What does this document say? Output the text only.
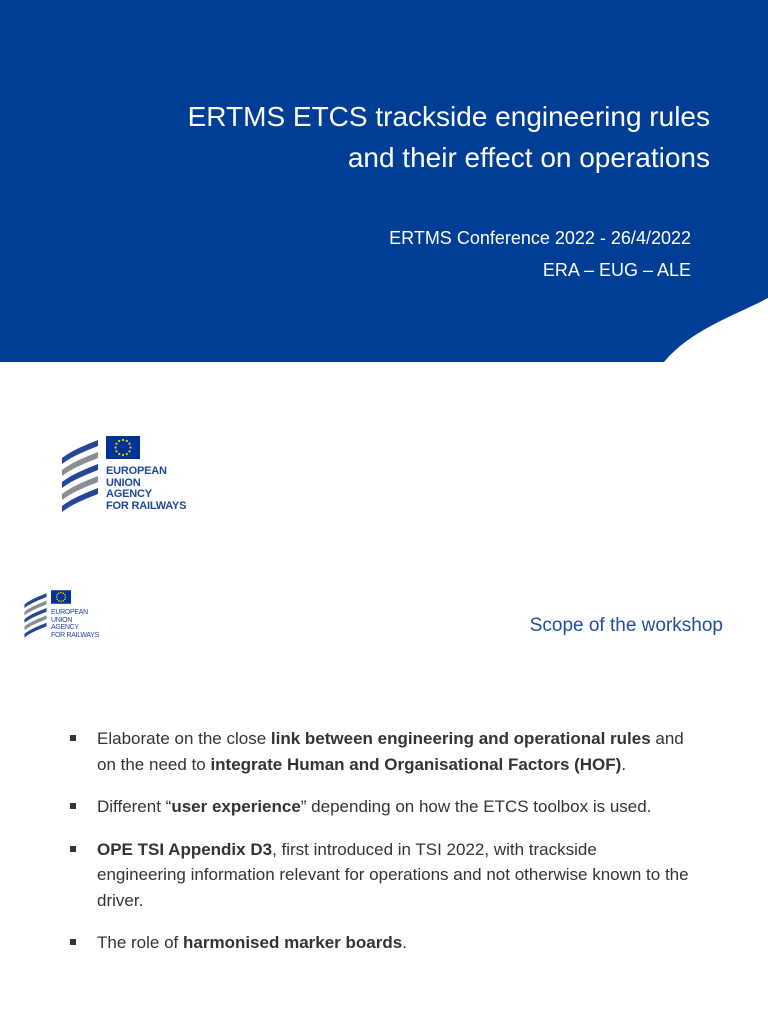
ERTMS ETCS trackside engineering rules
and their effect on operations
ERTMS Conference 2022 - 26/4/2022
ERA – EUG – ALE
EUROPEAN
UNION
AGENCY
FOR RAILWAYS
EUROPEAN
UNION
AGENCY
FOR RAILWAYS	Scope of the workshop
Elaborate on the close link between engineering and operational rules and on the need to integrate Human and Organisational Factors (HOF).
Different “user experience” depending on how the ETCS toolbox is used.
OPE TSI Appendix D3, first introduced in TSI 2022, with trackside engineering information relevant for operations and not otherwise known to the driver.
The role of harmonised marker boards.
